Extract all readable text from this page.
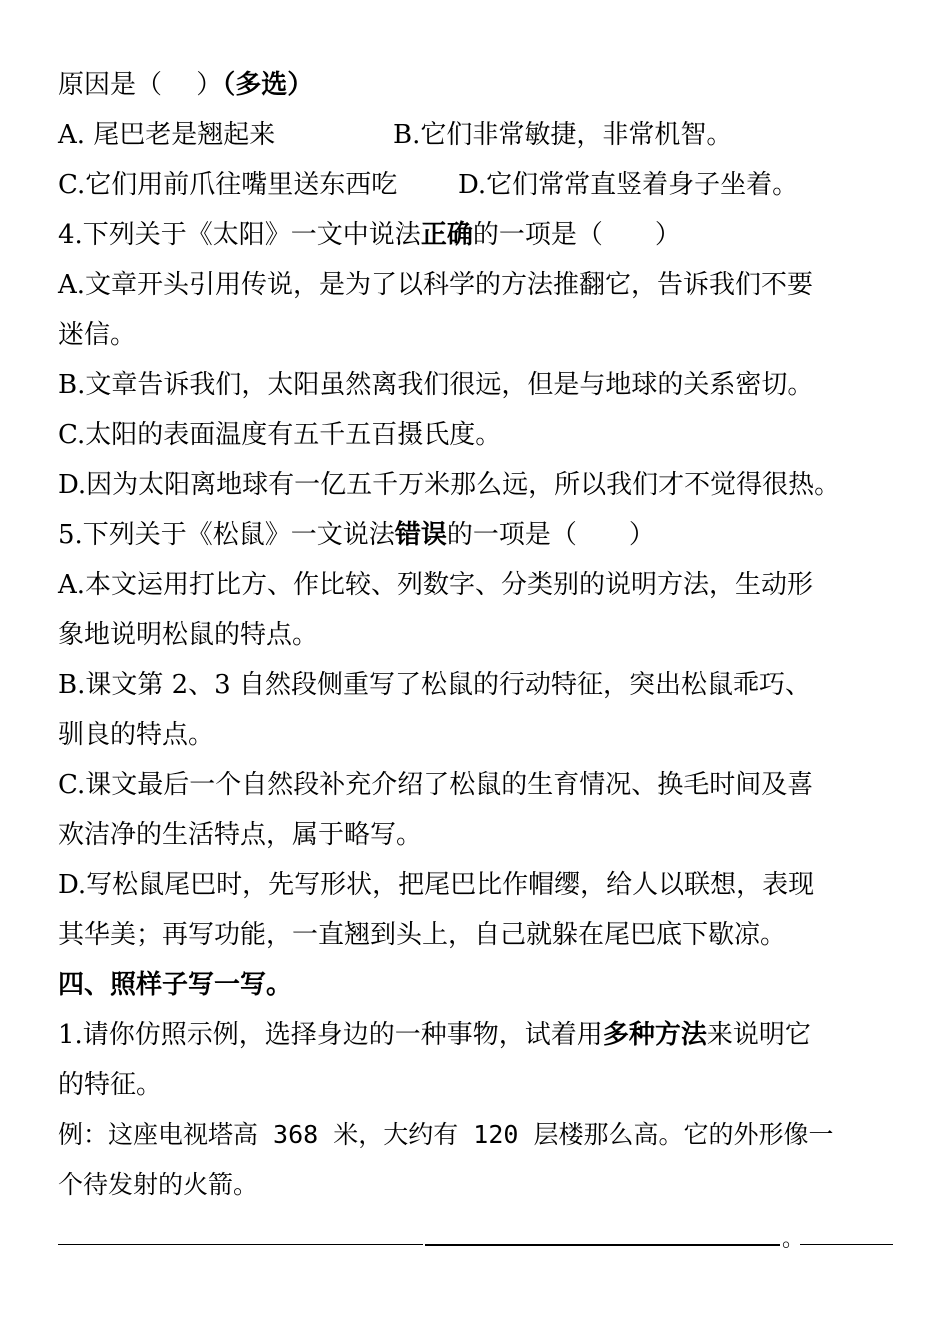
原因是（　 ）（多选）
A. 尾巴老是翘起来	B.它们非常敏捷，非常机智。
C.它们用前爪往嘴里送东西吃 D.它们常常直竖着身子坐着。
4.下列关于《太阳》一文中说法正确的一项是（　　）
A.文章开头引用传说，是为了以科学的方法推翻它，告诉我们不要
迷信。
B.文章告诉我们，太阳虽然离我们很远，但是与地球的关系密切。
C.太阳的表面温度有五千五百摄氏度。
D.因为太阳离地球有一亿五千万米那么远，所以我们才不觉得很热。
5.下列关于《松鼠》一文说法错误的一项是（　　）
A.本文运用打比方、作比较、列数字、分类别的说明方法，生动形
象地说明松鼠的特点。
B.课文第 2、3 自然段侧重写了松鼠的行动特征，突出松鼠乖巧、
驯良的特点。
C.课文最后一个自然段补充介绍了松鼠的生育情况、换毛时间及喜
欢洁净的生活特点，属于略写。
D.写松鼠尾巴时，先写形状，把尾巴比作帽缨，给人以联想，表现
其华美；再写功能，一直翘到头上，自己就躲在尾巴底下歇凉。
四、照样子写一写。
1.请你仿照示例，选择身边的一种事物，试着用多种方法来说明它
的特征。
例：这座电视塔高 368 米，大约有 120 层楼那么高。它的外形像一
个待发射的火箭。
。
